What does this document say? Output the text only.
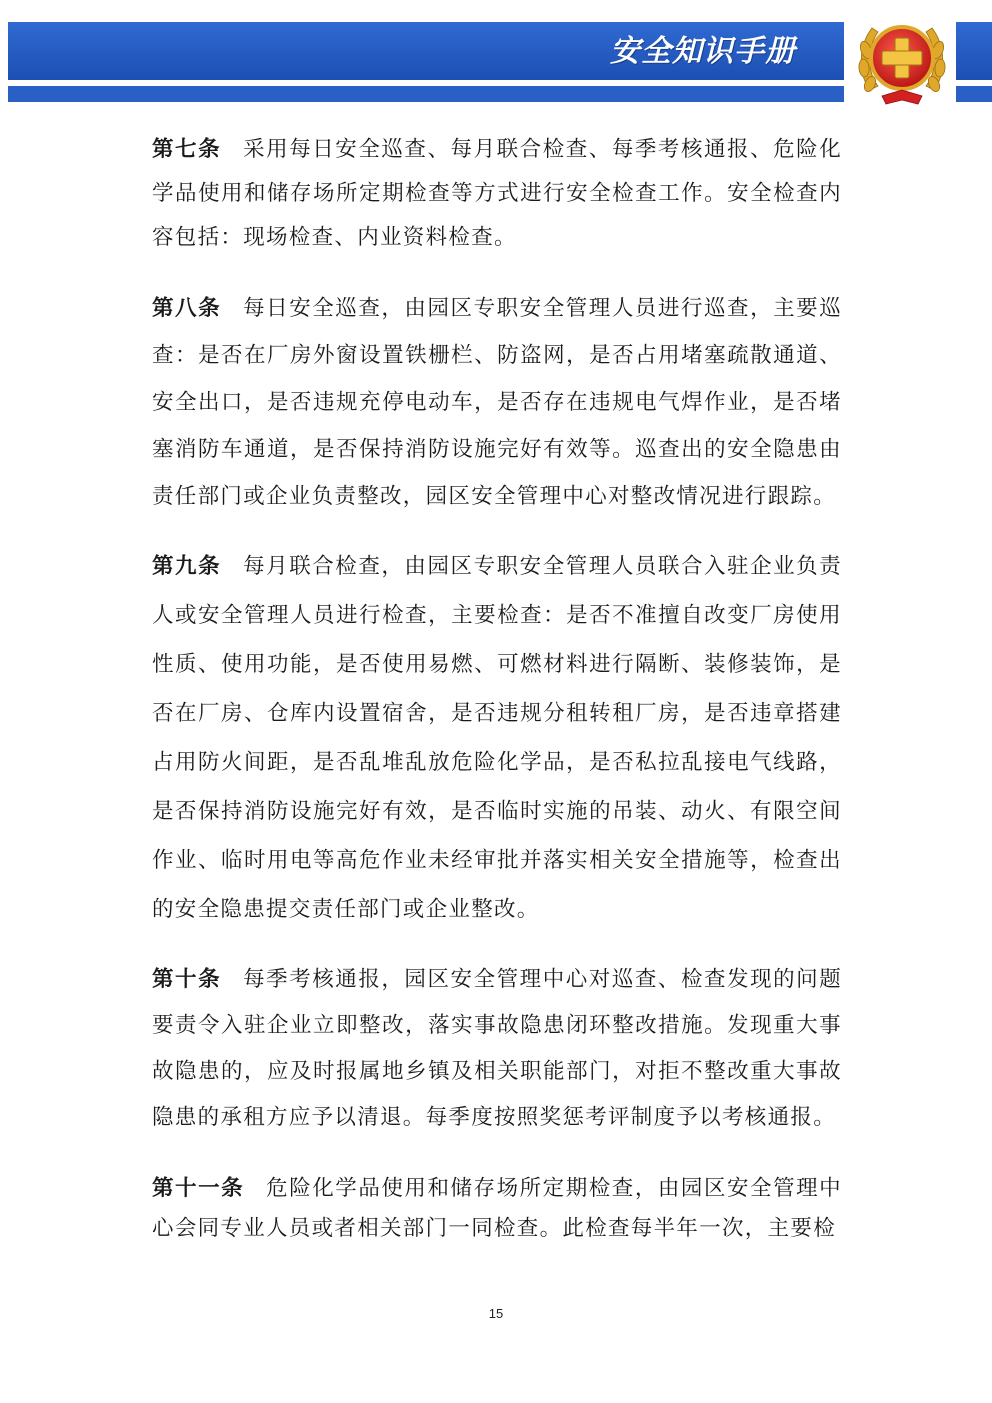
安全知识手册

第七条 采用每日安全巡查、每月联合检查、每季考核通报、危险化学品使用和储存场所定期检查等方式进行安全检查工作。安全检查内容包括：现场检查、内业资料检查。

第八条 每日安全巡查，由园区专职安全管理人员进行巡查，主要巡查：是否在厂房外窗设置铁栅栏、防盗网，是否占用堵塞疏散通道、安全出口，是否违规充停电动车，是否存在违规电气焊作业，是否堵塞消防车通道，是否保持消防设施完好有效等。巡查出的安全隐患由责任部门或企业负责整改，园区安全管理中心对整改情况进行跟踪。

第九条 每月联合检查，由园区专职安全管理人员联合入驻企业负责人或安全管理人员进行检查，主要检查：是否不准擅自改变厂房使用性质、使用功能，是否使用易燃、可燃材料进行隔断、装修装饰，是否在厂房、仓库内设置宿舍，是否违规分租转租厂房，是否违章搭建占用防火间距，是否乱堆乱放危险化学品，是否私拉乱接电气线路，是否保持消防设施完好有效，是否临时实施的吊装、动火、有限空间作业、临时用电等高危作业未经审批并落实相关安全措施等，检查出的安全隐患提交责任部门或企业整改。

第十条 每季考核通报，园区安全管理中心对巡查、检查发现的问题要责令入驻企业立即整改，落实事故隐患闭环整改措施。发现重大事故隐患的，应及时报属地乡镇及相关职能部门，对拒不整改重大事故隐患的承租方应予以清退。每季度按照奖惩考评制度予以考核通报。

第十一条 危险化学品使用和储存场所定期检查，由园区安全管理中心会同专业人员或者相关部门一同检查。此检查每半年一次，主要检

15
